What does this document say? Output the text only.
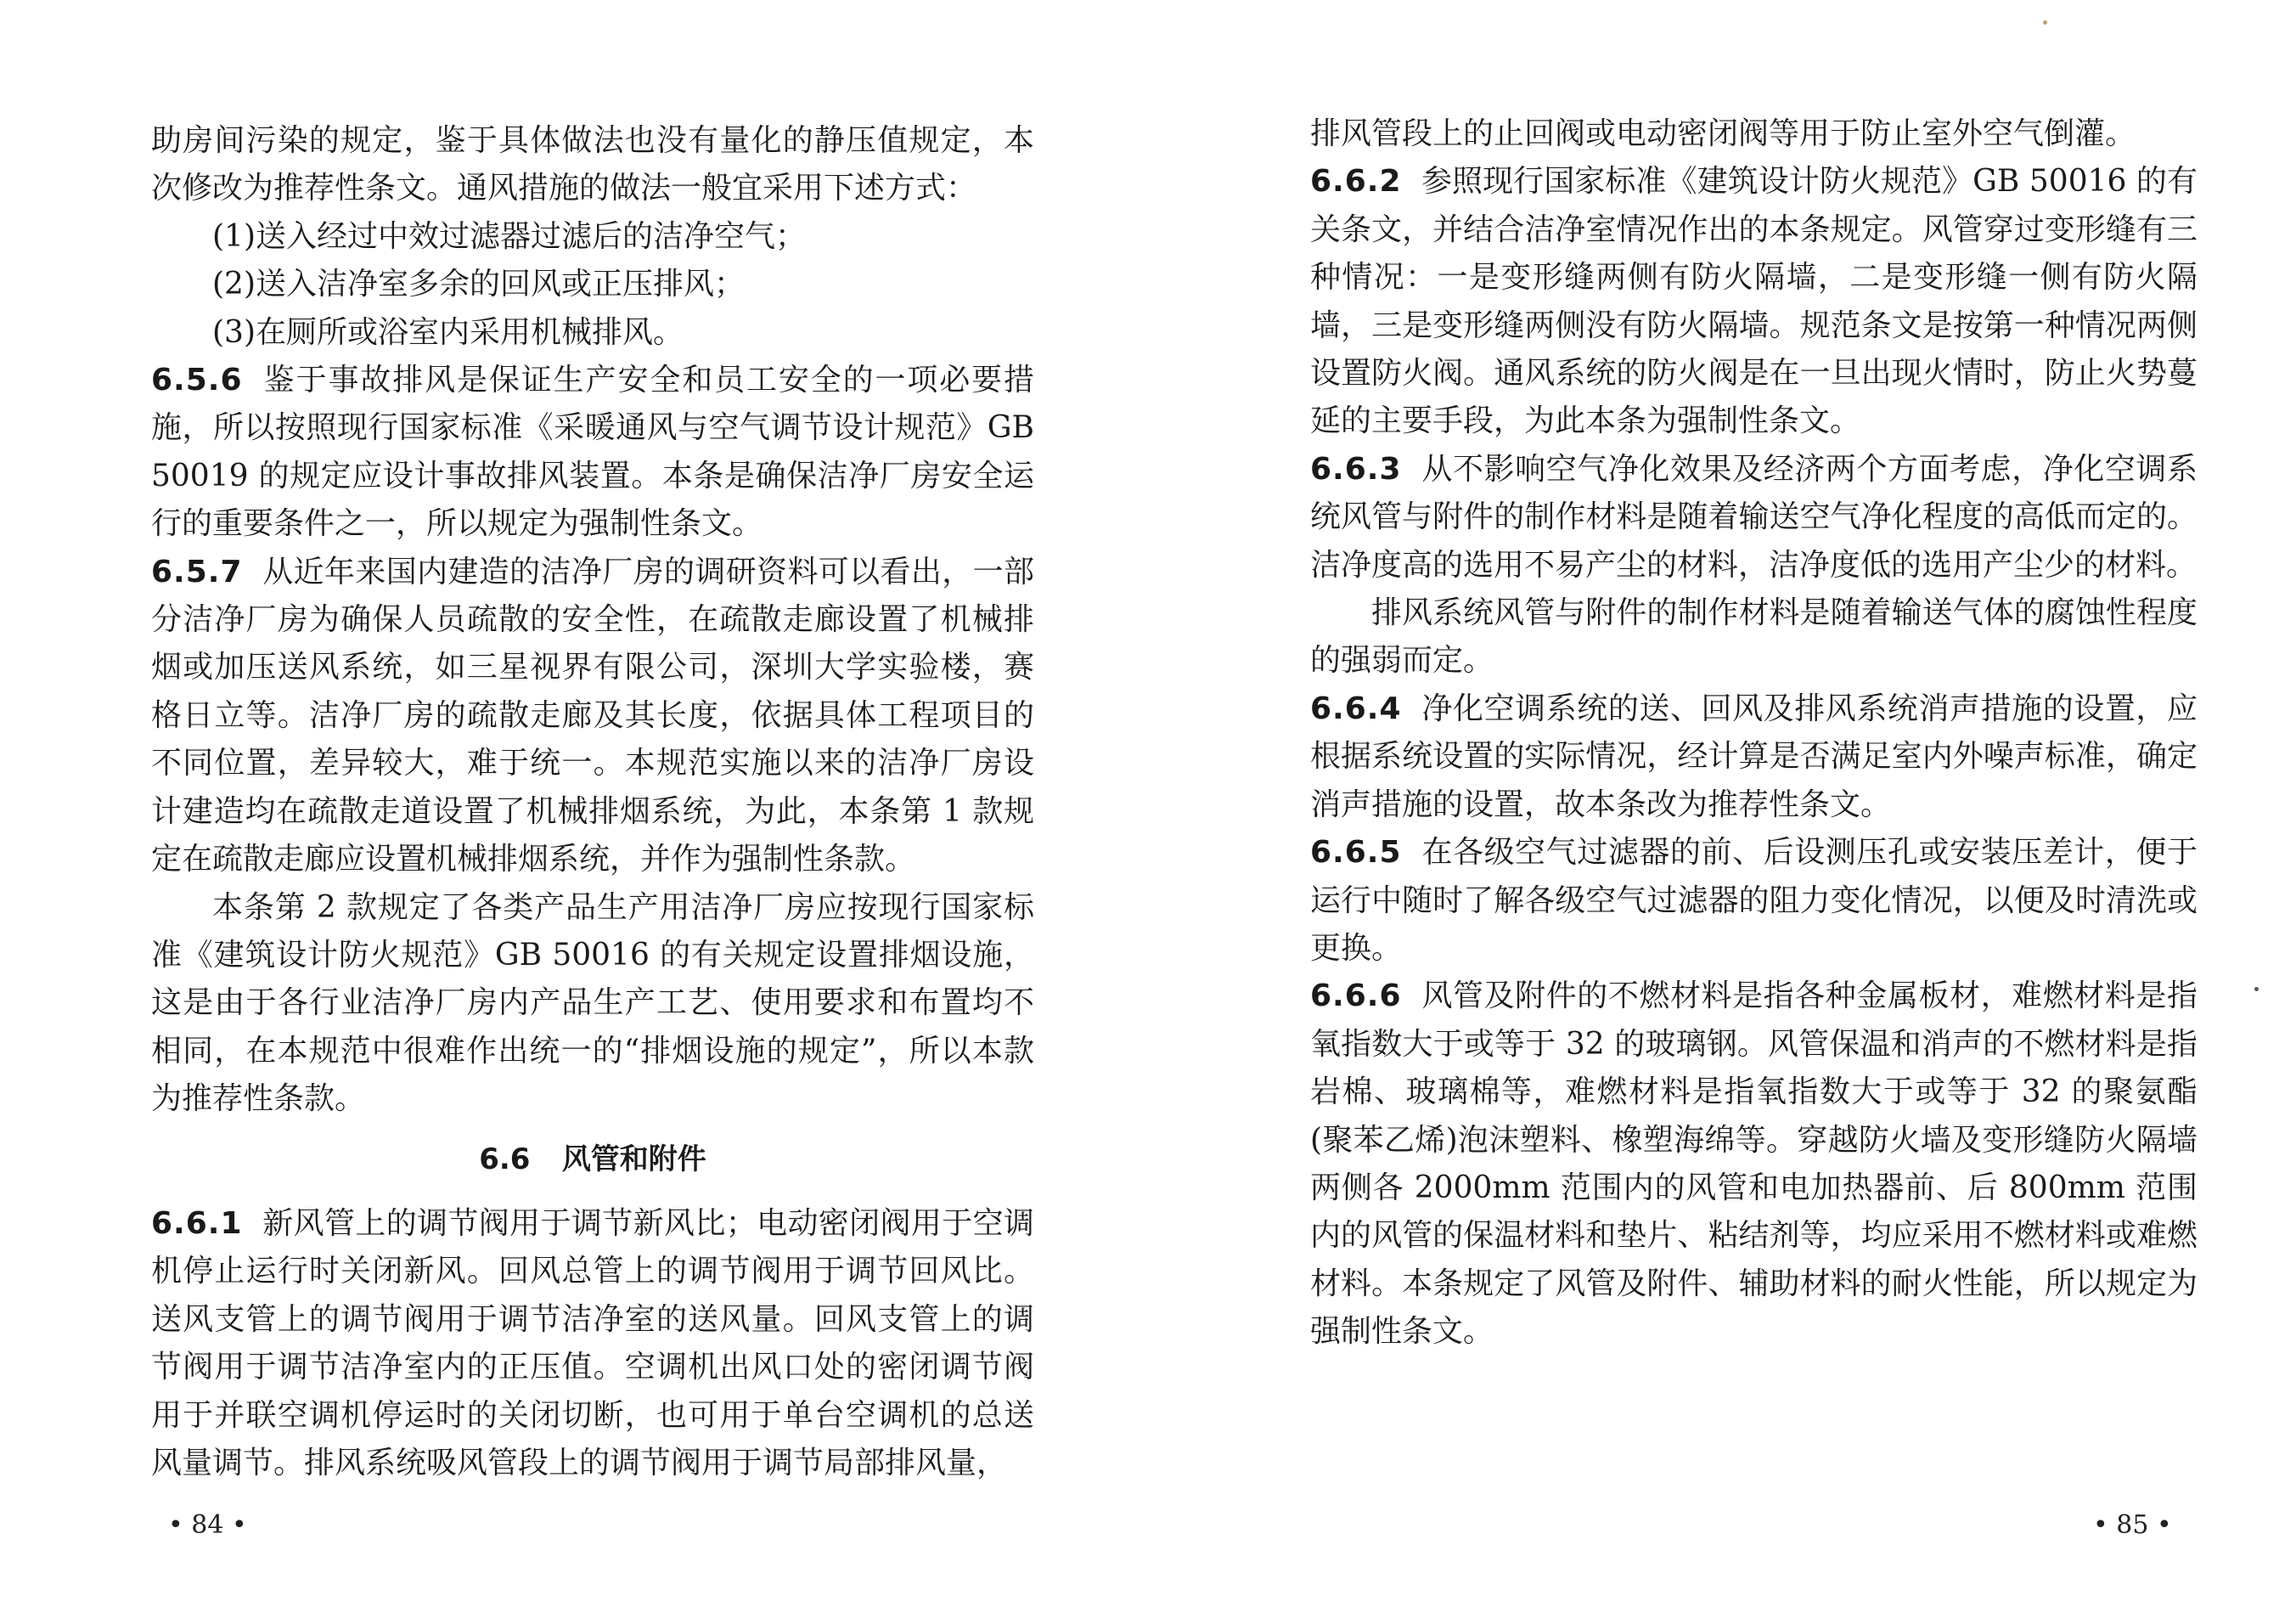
助房间污染的规定，鉴于具体做法也没有量化的静压值规定，本次修改为推荐性条文。通风措施的做法一般宜采用下述方式：

(1)送入经过中效过滤器过滤后的洁净空气；

(2)送入洁净室多余的回风或正压排风；

(3)在厕所或浴室内采用机械排风。

6.5.6 鉴于事故排风是保证生产安全和员工安全的一项必要措施，所以按照现行国家标准《采暖通风与空气调节设计规范》GB 50019 的规定应设计事故排风装置。本条是确保洁净厂房安全运行的重要条件之一，所以规定为强制性条文。

6.5.7 从近年来国内建造的洁净厂房的调研资料可以看出，一部分洁净厂房为确保人员疏散的安全性，在疏散走廊设置了机械排烟或加压送风系统，如三星视界有限公司，深圳大学实验楼，赛格日立等。洁净厂房的疏散走廊及其长度，依据具体工程项目的不同位置，差异较大，难于统一。本规范实施以来的洁净厂房设计建造均在疏散走道设置了机械排烟系统，为此，本条第 1 款规定在疏散走廊应设置机械排烟系统，并作为强制性条款。

本条第 2 款规定了各类产品生产用洁净厂房应按现行国家标准《建筑设计防火规范》GB 50016 的有关规定设置排烟设施，这是由于各行业洁净厂房内产品生产工艺、使用要求和布置均不相同，在本规范中很难作出统一的“排烟设施的规定”，所以本款为推荐性条款。

6.6 风管和附件

6.6.1 新风管上的调节阀用于调节新风比；电动密闭阀用于空调机停止运行时关闭新风。回风总管上的调节阀用于调节回风比。送风支管上的调节阀用于调节洁净室的送风量。回风支管上的调节阀用于调节洁净室内的正压值。空调机出风口处的密闭调节阀用于并联空调机停运时的关闭切断，也可用于单台空调机的总送风量调节。排风系统吸风管段上的调节阀用于调节局部排风量，

• 84 •

排风管段上的止回阀或电动密闭阀等用于防止室外空气倒灌。

6.6.2 参照现行国家标准《建筑设计防火规范》GB 50016 的有关条文，并结合洁净室情况作出的本条规定。风管穿过变形缝有三种情况：一是变形缝两侧有防火隔墙，二是变形缝一侧有防火隔墙，三是变形缝两侧没有防火隔墙。规范条文是按第一种情况两侧设置防火阀。通风系统的防火阀是在一旦出现火情时，防止火势蔓延的主要手段，为此本条为强制性条文。

6.6.3 从不影响空气净化效果及经济两个方面考虑，净化空调系统风管与附件的制作材料是随着输送空气净化程度的高低而定的。洁净度高的选用不易产尘的材料，洁净度低的选用产尘少的材料。

排风系统风管与附件的制作材料是随着输送气体的腐蚀性程度的强弱而定。

6.6.4 净化空调系统的送、回风及排风系统消声措施的设置，应根据系统设置的实际情况，经计算是否满足室内外噪声标准，确定消声措施的设置，故本条改为推荐性条文。

6.6.5 在各级空气过滤器的前、后设测压孔或安装压差计，便于运行中随时了解各级空气过滤器的阻力变化情况，以便及时清洗或更换。

6.6.6 风管及附件的不燃材料是指各种金属板材，难燃材料是指氧指数大于或等于 32 的玻璃钢。风管保温和消声的不燃材料是指岩棉、玻璃棉等，难燃材料是指氧指数大于或等于 32 的聚氨酯(聚苯乙烯)泡沫塑料、橡塑海绵等。穿越防火墙及变形缝防火隔墙两侧各 2000mm 范围内的风管和电加热器前、后 800mm 范围内的风管的保温材料和垫片、粘结剂等，均应采用不燃材料或难燃材料。本条规定了风管及附件、辅助材料的耐火性能，所以规定为强制性条文。

• 85 •
